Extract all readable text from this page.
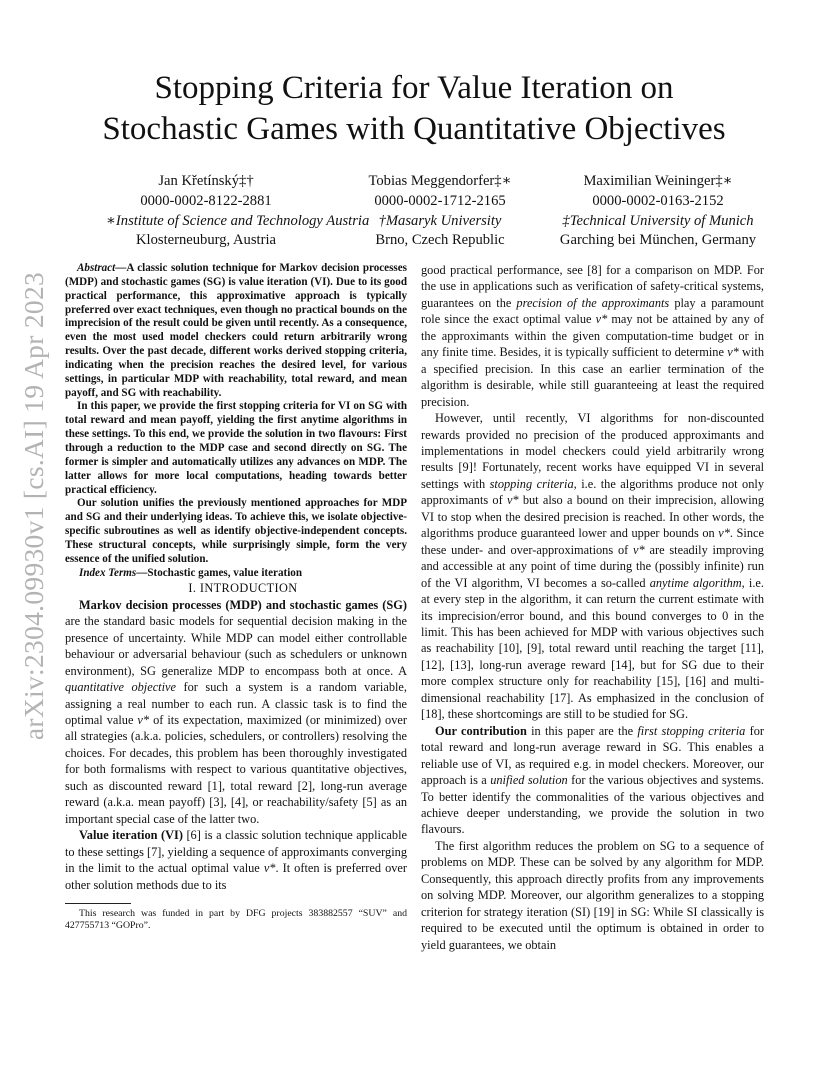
arXiv:2304.09930v1 [cs.AI] 19 Apr 2023
Stopping Criteria for Value Iteration on
Stochastic Games with Quantitative Objectives
Jan Křetínský‡†
0000-0002-8122-2881
∗Institute of Science and Technology Austria
Klosterneuburg, Austria
Tobias Meggendorfer‡∗
0000-0002-1712-2165
†Masaryk University
Brno, Czech Republic
Maximilian Weininger‡∗
0000-0002-0163-2152
‡Technical University of Munich
Garching bei München, Germany

Abstract—A classic solution technique for Markov decision processes (MDP) and stochastic games (SG) is value iteration (VI). Due to its good practical performance, this approximative approach is typically preferred over exact techniques, even though no practical bounds on the imprecision of the result could be given until recently. As a consequence, even the most used model checkers could return arbitrarily wrong results. Over the past decade, different works derived stopping criteria, indicating when the precision reaches the desired level, for various settings, in particular MDP with reachability, total reward, and mean payoff, and SG with reachability.

In this paper, we provide the first stopping criteria for VI on SG with total reward and mean payoff, yielding the first anytime algorithms in these settings. To this end, we provide the solution in two flavours: First through a reduction to the MDP case and second directly on SG. The former is simpler and automatically utilizes any advances on MDP. The latter allows for more local computations, heading towards better practical efficiency.

Our solution unifies the previously mentioned approaches for MDP and SG and their underlying ideas. To achieve this, we isolate objective-specific subroutines as well as identify objective-independent concepts. These structural concepts, while surprisingly simple, form the very essence of the unified solution.

Index Terms—Stochastic games, value iteration

I. INTRODUCTION

Markov decision processes (MDP) and stochastic games (SG) are the standard basic models for sequential decision making in the presence of uncertainty. While MDP can model either controllable behaviour or adversarial behaviour (such as schedulers or unknown environment), SG generalize MDP to encompass both at once. A quantitative objective for such a system is a random variable, assigning a real number to each run. A classic task is to find the optimal value v* of its expectation, maximized (or minimized) over all strategies (a.k.a. policies, schedulers, or controllers) resolving the choices. For decades, this problem has been thoroughly investigated for both formalisms with respect to various quantitative objectives, such as discounted reward [1], total reward [2], long-run average reward (a.k.a. mean payoff) [3], [4], or reachability/safety [5] as an important special case of the latter two.

Value iteration (VI) [6] is a classic solution technique applicable to these settings [7], yielding a sequence of approximants converging in the limit to the actual optimal value v*. It often is preferred over other solution methods due to its

This research was funded in part by DFG projects 383882557 “SUV” and 427755713 “GOPro”.

good practical performance, see [8] for a comparison on MDP. For the use in applications such as verification of safety-critical systems, guarantees on the precision of the approximants play a paramount role since the exact optimal value v* may not be attained by any of the approximants within the given computation-time budget or in any finite time. Besides, it is typically sufficient to determine v* with a specified precision. In this case an earlier termination of the algorithm is desirable, while still guaranteeing at least the required precision.

However, until recently, VI algorithms for non-discounted rewards provided no precision of the produced approximants and implementations in model checkers could yield arbitrarily wrong results [9]! Fortunately, recent works have equipped VI in several settings with stopping criteria, i.e. the algorithms produce not only approximants of v* but also a bound on their imprecision, allowing VI to stop when the desired precision is reached. In other words, the algorithms produce guaranteed lower and upper bounds on v*. Since these under- and over-approximations of v* are steadily improving and accessible at any point of time during the (possibly infinite) run of the VI algorithm, VI becomes a so-called anytime algorithm, i.e. at every step in the algorithm, it can return the current estimate with its imprecision/error bound, and this bound converges to 0 in the limit. This has been achieved for MDP with various objectives such as reachability [10], [9], total reward until reaching the target [11], [12], [13], long-run average reward [14], but for SG due to their more complex structure only for reachability [15], [16] and multi-dimensional reachability [17]. As emphasized in the conclusion of [18], these shortcomings are still to be studied for SG.

Our contribution in this paper are the first stopping criteria for total reward and long-run average reward in SG. This enables a reliable use of VI, as required e.g. in model checkers. Moreover, our approach is a unified solution for the various objectives and systems. To better identify the commonalities of the various objectives and achieve deeper understanding, we provide the solution in two flavours.

The first algorithm reduces the problem on SG to a sequence of problems on MDP. These can be solved by any algorithm for MDP. Consequently, this approach directly profits from any improvements on solving MDP. Moreover, our algorithm generalizes to a stopping criterion for strategy iteration (SI) [19] in SG: While SI classically is required to be executed until the optimum is obtained in order to yield guarantees, we obtain
